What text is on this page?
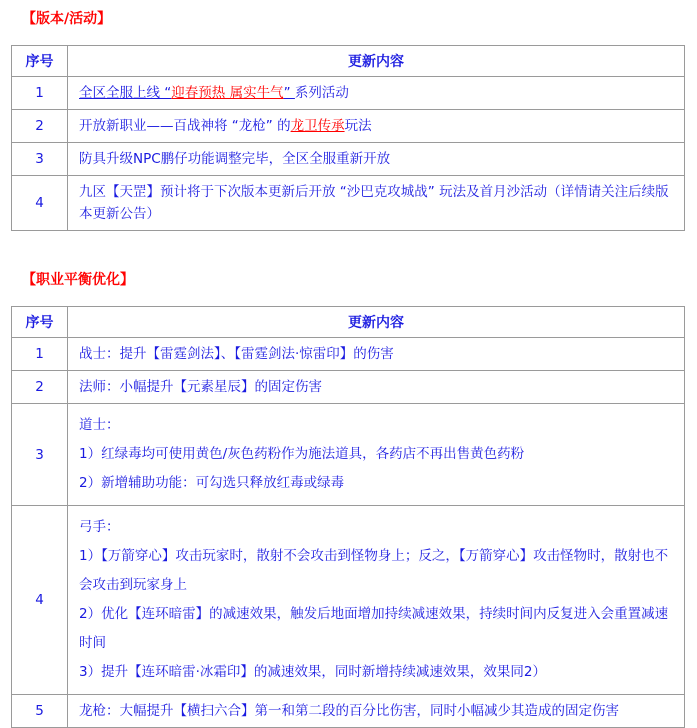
【版本/活动】
序号	更新内容
1	全区全服上线 “迎春预热 属实牛气” 系列活动

2	开放新职业——百战神将 “龙枪” 的龙卫传承玩法

3	防具升级NPC鹏仔功能调整完毕，全区全服重新开放

4	九区【天罡】预计将于下次版本更新后开放 “沙巴克攻城战” 玩法及首月沙活动（详情请关注后续版本更新公告）

【职业平衡优化】
序号	更新内容
1	战士：提升【雷霆剑法】、【雷霆剑法·惊雷印】的伤害

2	法师：小幅提升【元素星辰】的固定伤害

3	道士：

1）红绿毒均可使用黄色/灰色药粉作为施法道具，各药店不再出售黄色药粉

2）新增辅助功能：可勾选只释放红毒或绿毒

4	弓手：

1）【万箭穿心】攻击玩家时，散射不会攻击到怪物身上；反之，【万箭穿心】攻击怪物时，散射也不会攻击到玩家身上

2）优化【连环暗雷】的减速效果，触发后地面增加持续减速效果，持续时间内反复进入会重置减速时间

3）提升【连环暗雷·冰霜印】的减速效果，同时新增持续减速效果，效果同2）

5	龙枪：大幅提升【横扫六合】第一和第二段的百分比伤害，同时小幅减少其造成的固定伤害
